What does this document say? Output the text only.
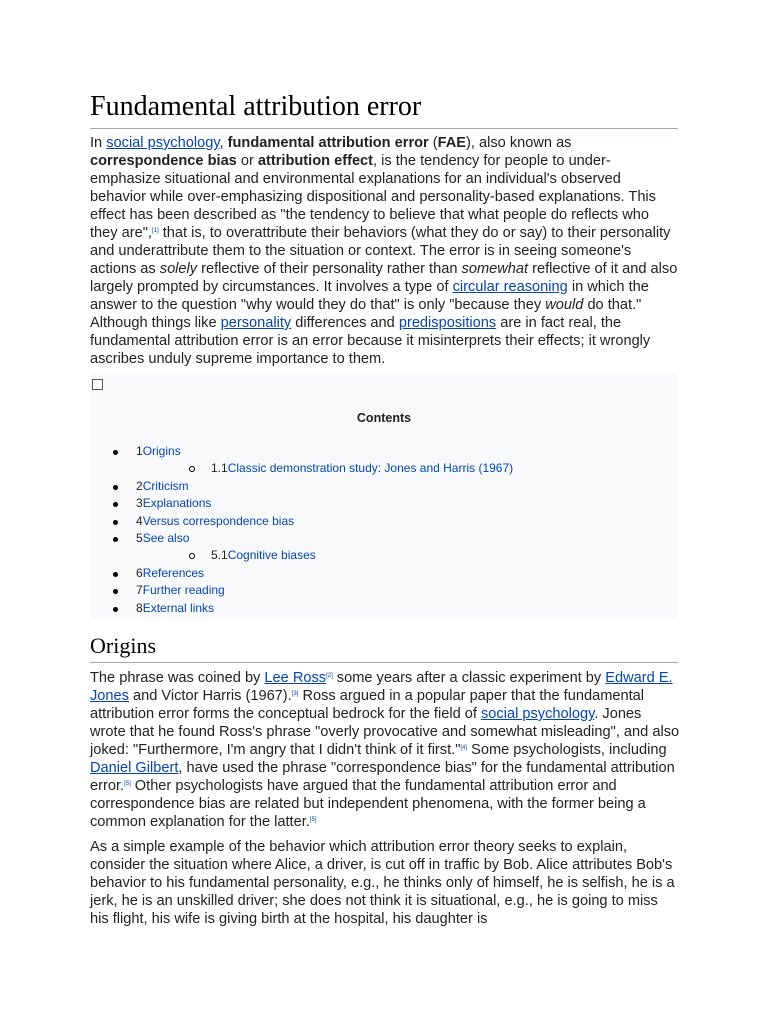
Fundamental attribution error

In social psychology, fundamental attribution error (FAE), also known as correspondence bias or attribution effect, is the tendency for people to under-emphasize situational and environmental explanations for an individual's observed behavior while over-emphasizing dispositional and personality-based explanations. This effect has been described as "the tendency to believe that what people do reflects who they are",[1] that is, to overattribute their behaviors (what they do or say) to their personality and underattribute them to the situation or context. The error is in seeing someone's actions as solely reflective of their personality rather than somewhat reflective of it and also largely prompted by circumstances. It involves a type of circular reasoning in which the answer to the question "why would they do that" is only "because they would do that." Although things like personality differences and predispositions are in fact real, the fundamental attribution error is an error because it misinterprets their effects; it wrongly ascribes unduly supreme importance to them.

Contents
1Origins
1.1Classic demonstration study: Jones and Harris (1967)
2Criticism
3Explanations
4Versus correspondence bias
5See also
5.1Cognitive biases
6References
7Further reading
8External links
Origins

The phrase was coined by Lee Ross[2] some years after a classic experiment by Edward E. Jones and Victor Harris (1967).[3] Ross argued in a popular paper that the fundamental attribution error forms the conceptual bedrock for the field of social psychology. Jones wrote that he found Ross's phrase "overly provocative and somewhat misleading", and also joked: "Furthermore, I'm angry that I didn't think of it first."[4] Some psychologists, including Daniel Gilbert, have used the phrase "correspondence bias" for the fundamental attribution error.[5] Other psychologists have argued that the fundamental attribution error and correspondence bias are related but independent phenomena, with the former being a common explanation for the latter.[5]

As a simple example of the behavior which attribution error theory seeks to explain, consider the situation where Alice, a driver, is cut off in traffic by Bob. Alice attributes Bob's behavior to his fundamental personality, e.g., he thinks only of himself, he is selfish, he is a jerk, he is an unskilled driver; she does not think it is situational, e.g., he is going to miss his flight, his wife is giving birth at the hospital, his daughter is
